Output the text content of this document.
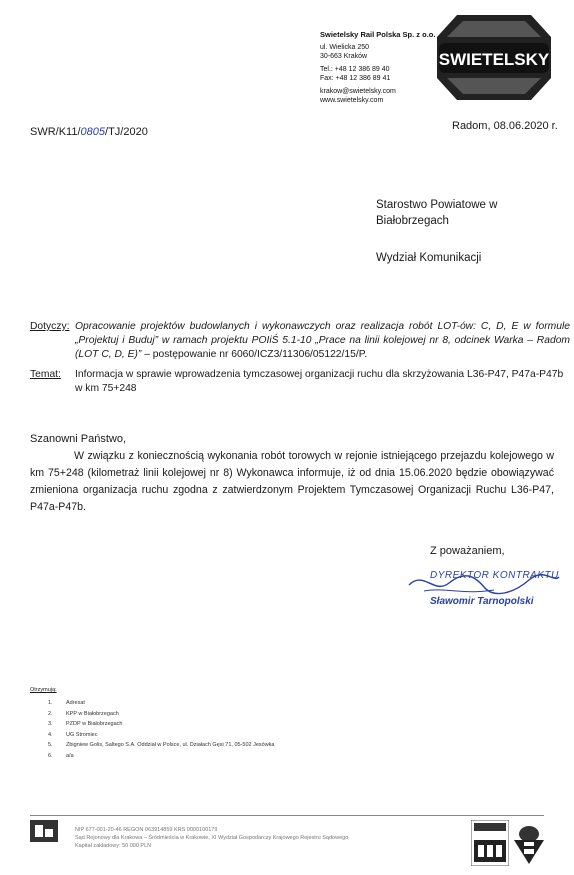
Swietelsky Rail Polska Sp. z o.o.
ul. Wielicka 250
30-663 Kraków
Tel.: +48 12 386 89 40
Fax: +48 12 386 89 41
krakow@swietelsky.com
www.swietelsky.com
SWIETELSKY
SWR/K11/0805/TJ/2020	Radom, 08.06.2020 r.
Starostwo Powiatowe w Białobrzegach
Wydział Komunikacji
Dotyczy: Opracowanie projektów budowlanych i wykonawczych oraz realizacja robót LOT-ów: C, D, E w formule „Projektuj i Buduj” w ramach projektu POIiŚ 5.1-10 „Prace na linii kolejowej nr 8, odcinek Warka – Radom (LOT C, D, E)” – postępowanie nr 6060/ICZ3/11306/05122/15/P.
Temat: Informacja w sprawie wprowadzenia tymczasowej organizacji ruchu dla skrzyżowania L36-P47, P47a-P47b w km 75+248
Szanowni Państwo,
W związku z koniecznością wykonania robót torowych w rejonie istniejącego przejazdu kolejowego w km 75+248 (kilometraż linii kolejowej nr 8) Wykonawca informuje, iż od dnia 15.06.2020 będzie obowiązywać zmieniona organizacja ruchu zgodna z zatwierdzonym Projektem Tymczasowej Organizacji Ruchu L36-P47, P47a-P47b.
Z poważaniem,
DYREKTOR KONTRAKTU
Sławomir Tarnopolski
Otrzymują:
1.	Adresat
2.	KPP w Białobrzegach
3.	PZDP w Białobrzegach
4.	UG Stromiec
5.	Zbigniew Golis, Saltego S.A. Oddział w Polsce, ul. Działach Gęsi 71, 05-502 Jesówka
6.	a/a
NIP 677-001-20-46 REGON 063914859 KRS 0000100179
Sąd Rejonowy dla Krakowa – Śródmieścia w Krakowie, XI Wydział Gospodarczy Krajowego Rejestru Sądowego
Kapitał zakładowy: 50 000 PLN
